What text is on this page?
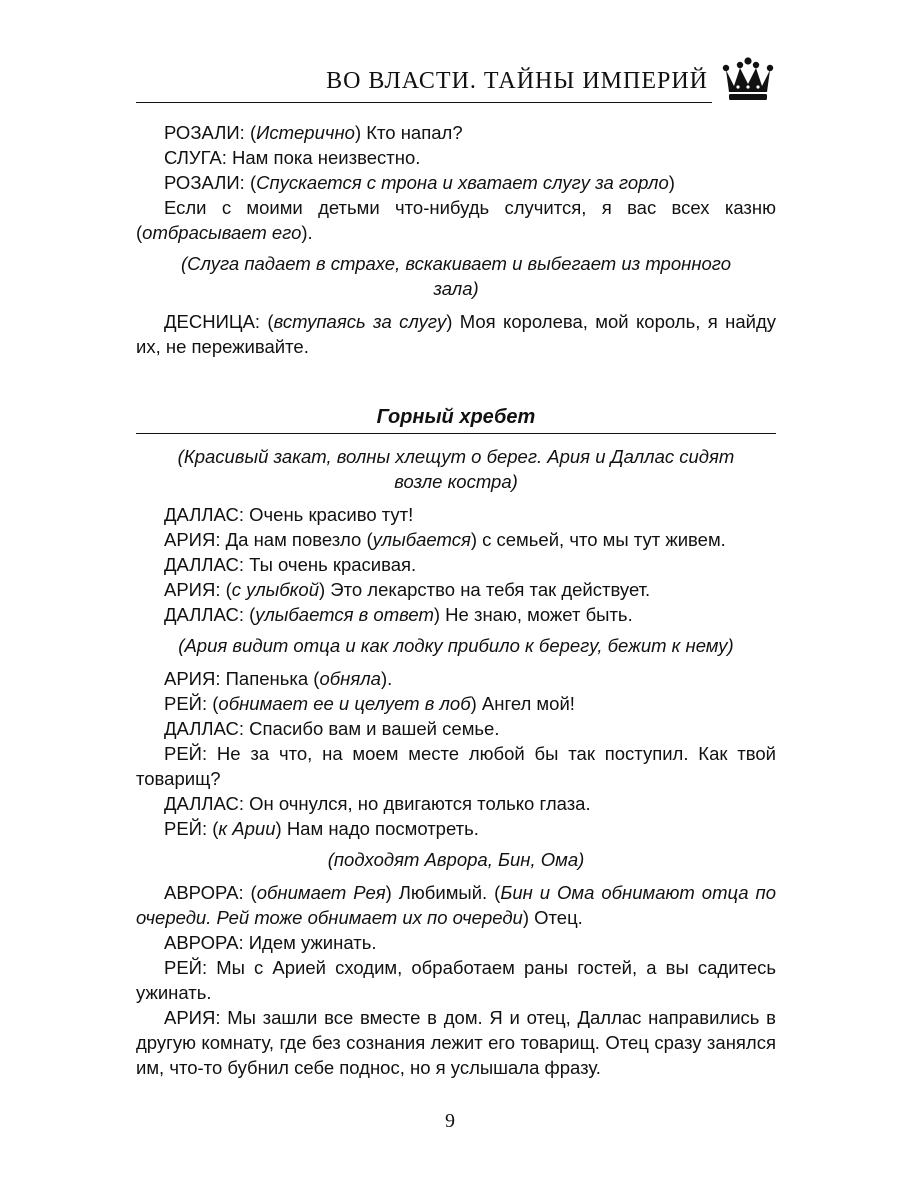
ВО ВЛАСТИ. ТАЙНЫ ИМПЕРИЙ

РОЗАЛИ: (Истерично) Кто напал?

СЛУГА: Нам пока неизвестно.

РОЗАЛИ: (Спускается с трона и хватает слугу за горло)

Если с моими детьми что-нибудь случится, я вас всех казню (отбрасывает его).

(Слуга падает в страхе, вскакивает и выбегает из тронного зала)

ДЕСНИЦА: (вступаясь за слугу) Моя королева, мой король, я найду их, не переживайте.

Горный хребет

(Красивый закат, волны хлещут о берег. Ария и Даллас сидят возле костра)

ДАЛЛАС: Очень красиво тут!

АРИЯ: Да нам повезло (улыбается) с семьей, что мы тут живем.

ДАЛЛАС: Ты очень красивая.

АРИЯ: (с улыбкой) Это лекарство на тебя так действует.

ДАЛЛАС: (улыбается в ответ) Не знаю, может быть.

(Ария видит отца и как лодку прибило к берегу, бежит к нему)

АРИЯ: Папенька (обняла).

РЕЙ: (обнимает ее и целует в лоб) Ангел мой!

ДАЛЛАС: Спасибо вам и вашей семье.

РЕЙ: Не за что, на моем месте любой бы так поступил. Как твой товарищ?

ДАЛЛАС: Он очнулся, но двигаются только глаза.

РЕЙ: (к Арии) Нам надо посмотреть.

(подходят Аврора, Бин, Ома)

АВРОРА: (обнимает Рея) Любимый. (Бин и Ома обнимают отца по очереди. Рей тоже обнимает их по очереди) Отец.

АВРОРА: Идем ужинать.

РЕЙ: Мы с Арией сходим, обработаем раны гостей, а вы садитесь ужинать.

АРИЯ: Мы зашли все вместе в дом. Я и отец, Даллас направились в другую комнату, где без сознания лежит его товарищ. Отец сразу занялся им, что-то бубнил себе поднос, но я услышала фразу.

9
